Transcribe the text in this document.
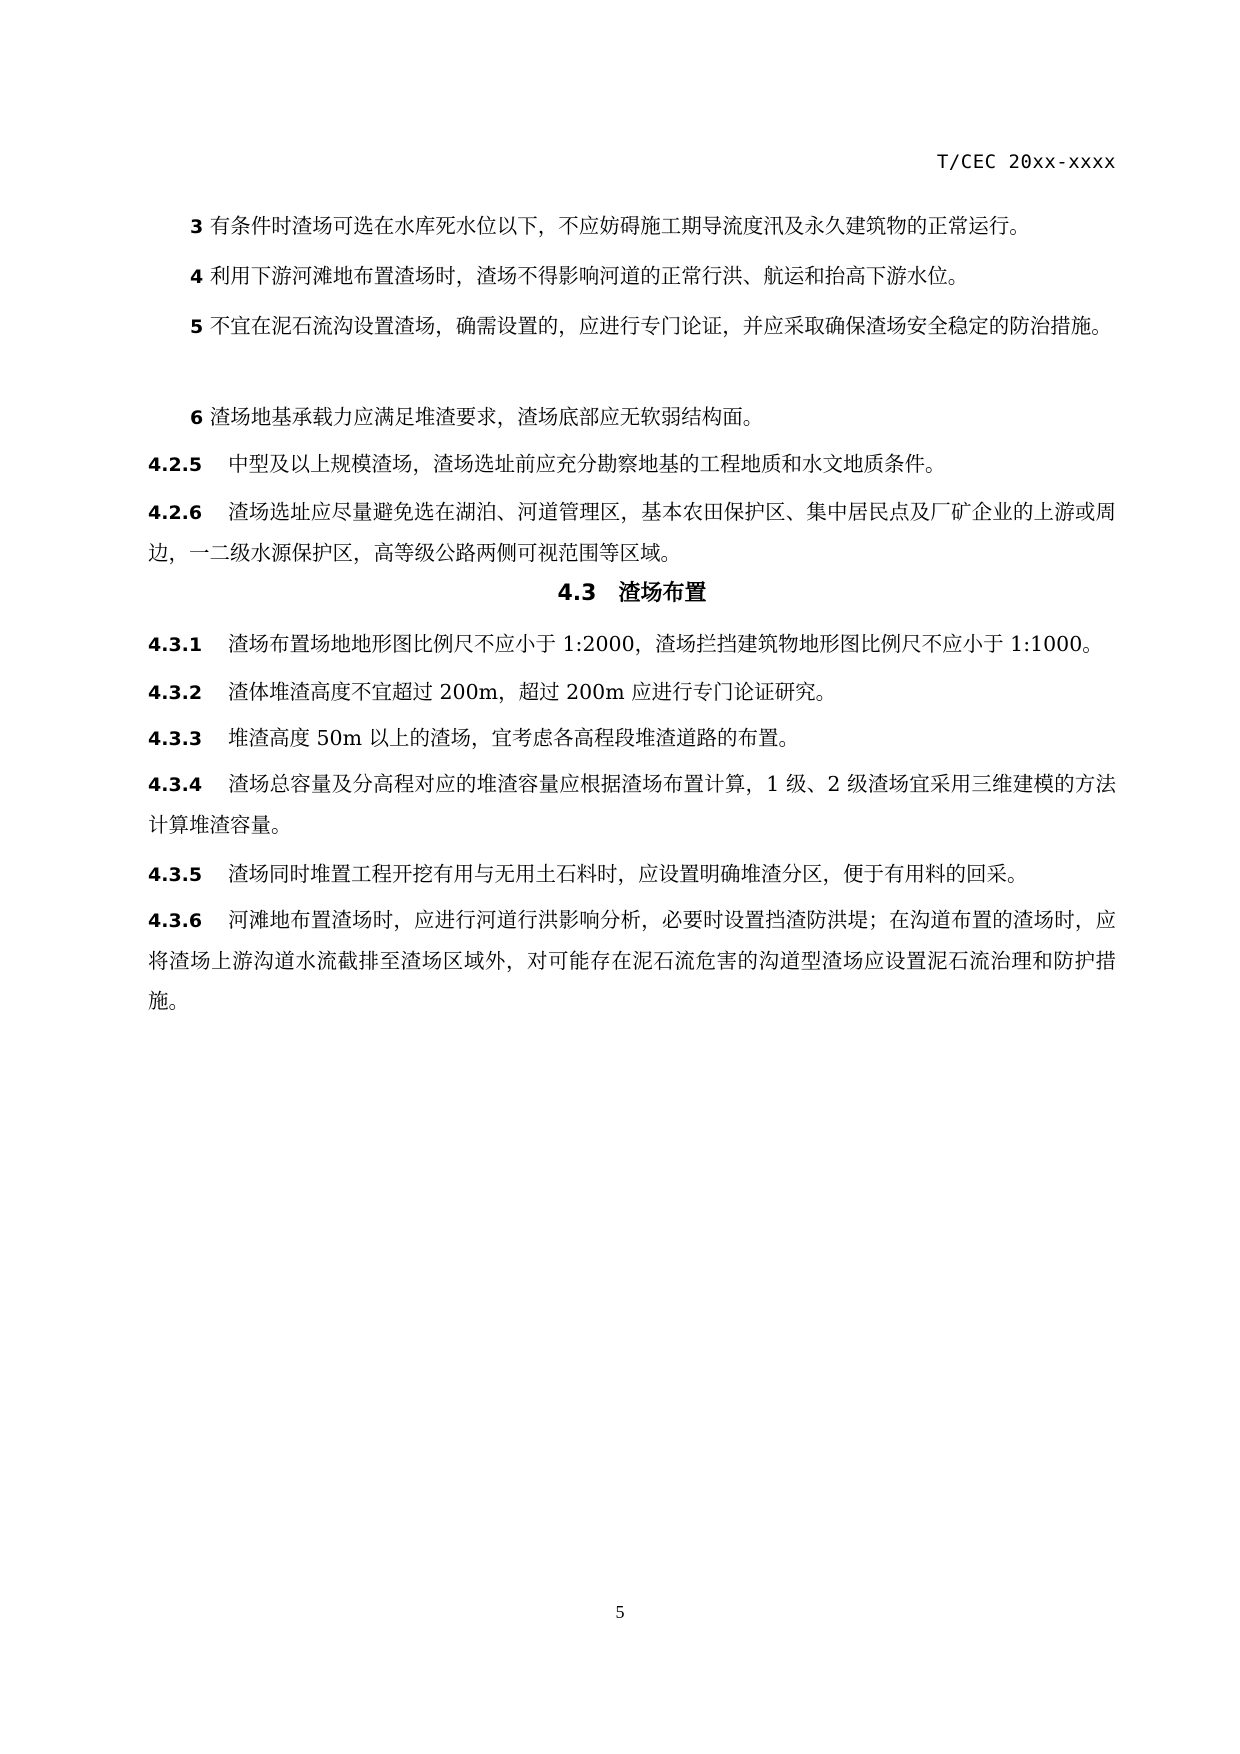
T/CEC 20xx-xxxx

3 有条件时渣场可选在水库死水位以下，不应妨碍施工期导流度汛及永久建筑物的正常运行。

4 利用下游河滩地布置渣场时，渣场不得影响河道的正常行洪、航运和抬高下游水位。

5 不宜在泥石流沟设置渣场，确需设置的，应进行专门论证，并应采取确保渣场安全稳定的防治措施。

6 渣场地基承载力应满足堆渣要求，渣场底部应无软弱结构面。

4.2.5 中型及以上规模渣场，渣场选址前应充分勘察地基的工程地质和水文地质条件。

4.2.6 渣场选址应尽量避免选在湖泊、河道管理区，基本农田保护区、集中居民点及厂矿企业的上游或周边，一二级水源保护区，高等级公路两侧可视范围等区域。

4.3 渣场布置

4.3.1 渣场布置场地地形图比例尺不应小于 1:2000，渣场拦挡建筑物地形图比例尺不应小于 1:1000。

4.3.2 渣体堆渣高度不宜超过 200m，超过 200m 应进行专门论证研究。

4.3.3 堆渣高度 50m 以上的渣场，宜考虑各高程段堆渣道路的布置。

4.3.4 渣场总容量及分高程对应的堆渣容量应根据渣场布置计算，1 级、2 级渣场宜采用三维建模的方法计算堆渣容量。

4.3.5 渣场同时堆置工程开挖有用与无用土石料时，应设置明确堆渣分区，便于有用料的回采。

4.3.6 河滩地布置渣场时，应进行河道行洪影响分析，必要时设置挡渣防洪堤；在沟道布置的渣场时，应将渣场上游沟道水流截排至渣场区域外，对可能存在泥石流危害的沟道型渣场应设置泥石流治理和防护措施。

5
